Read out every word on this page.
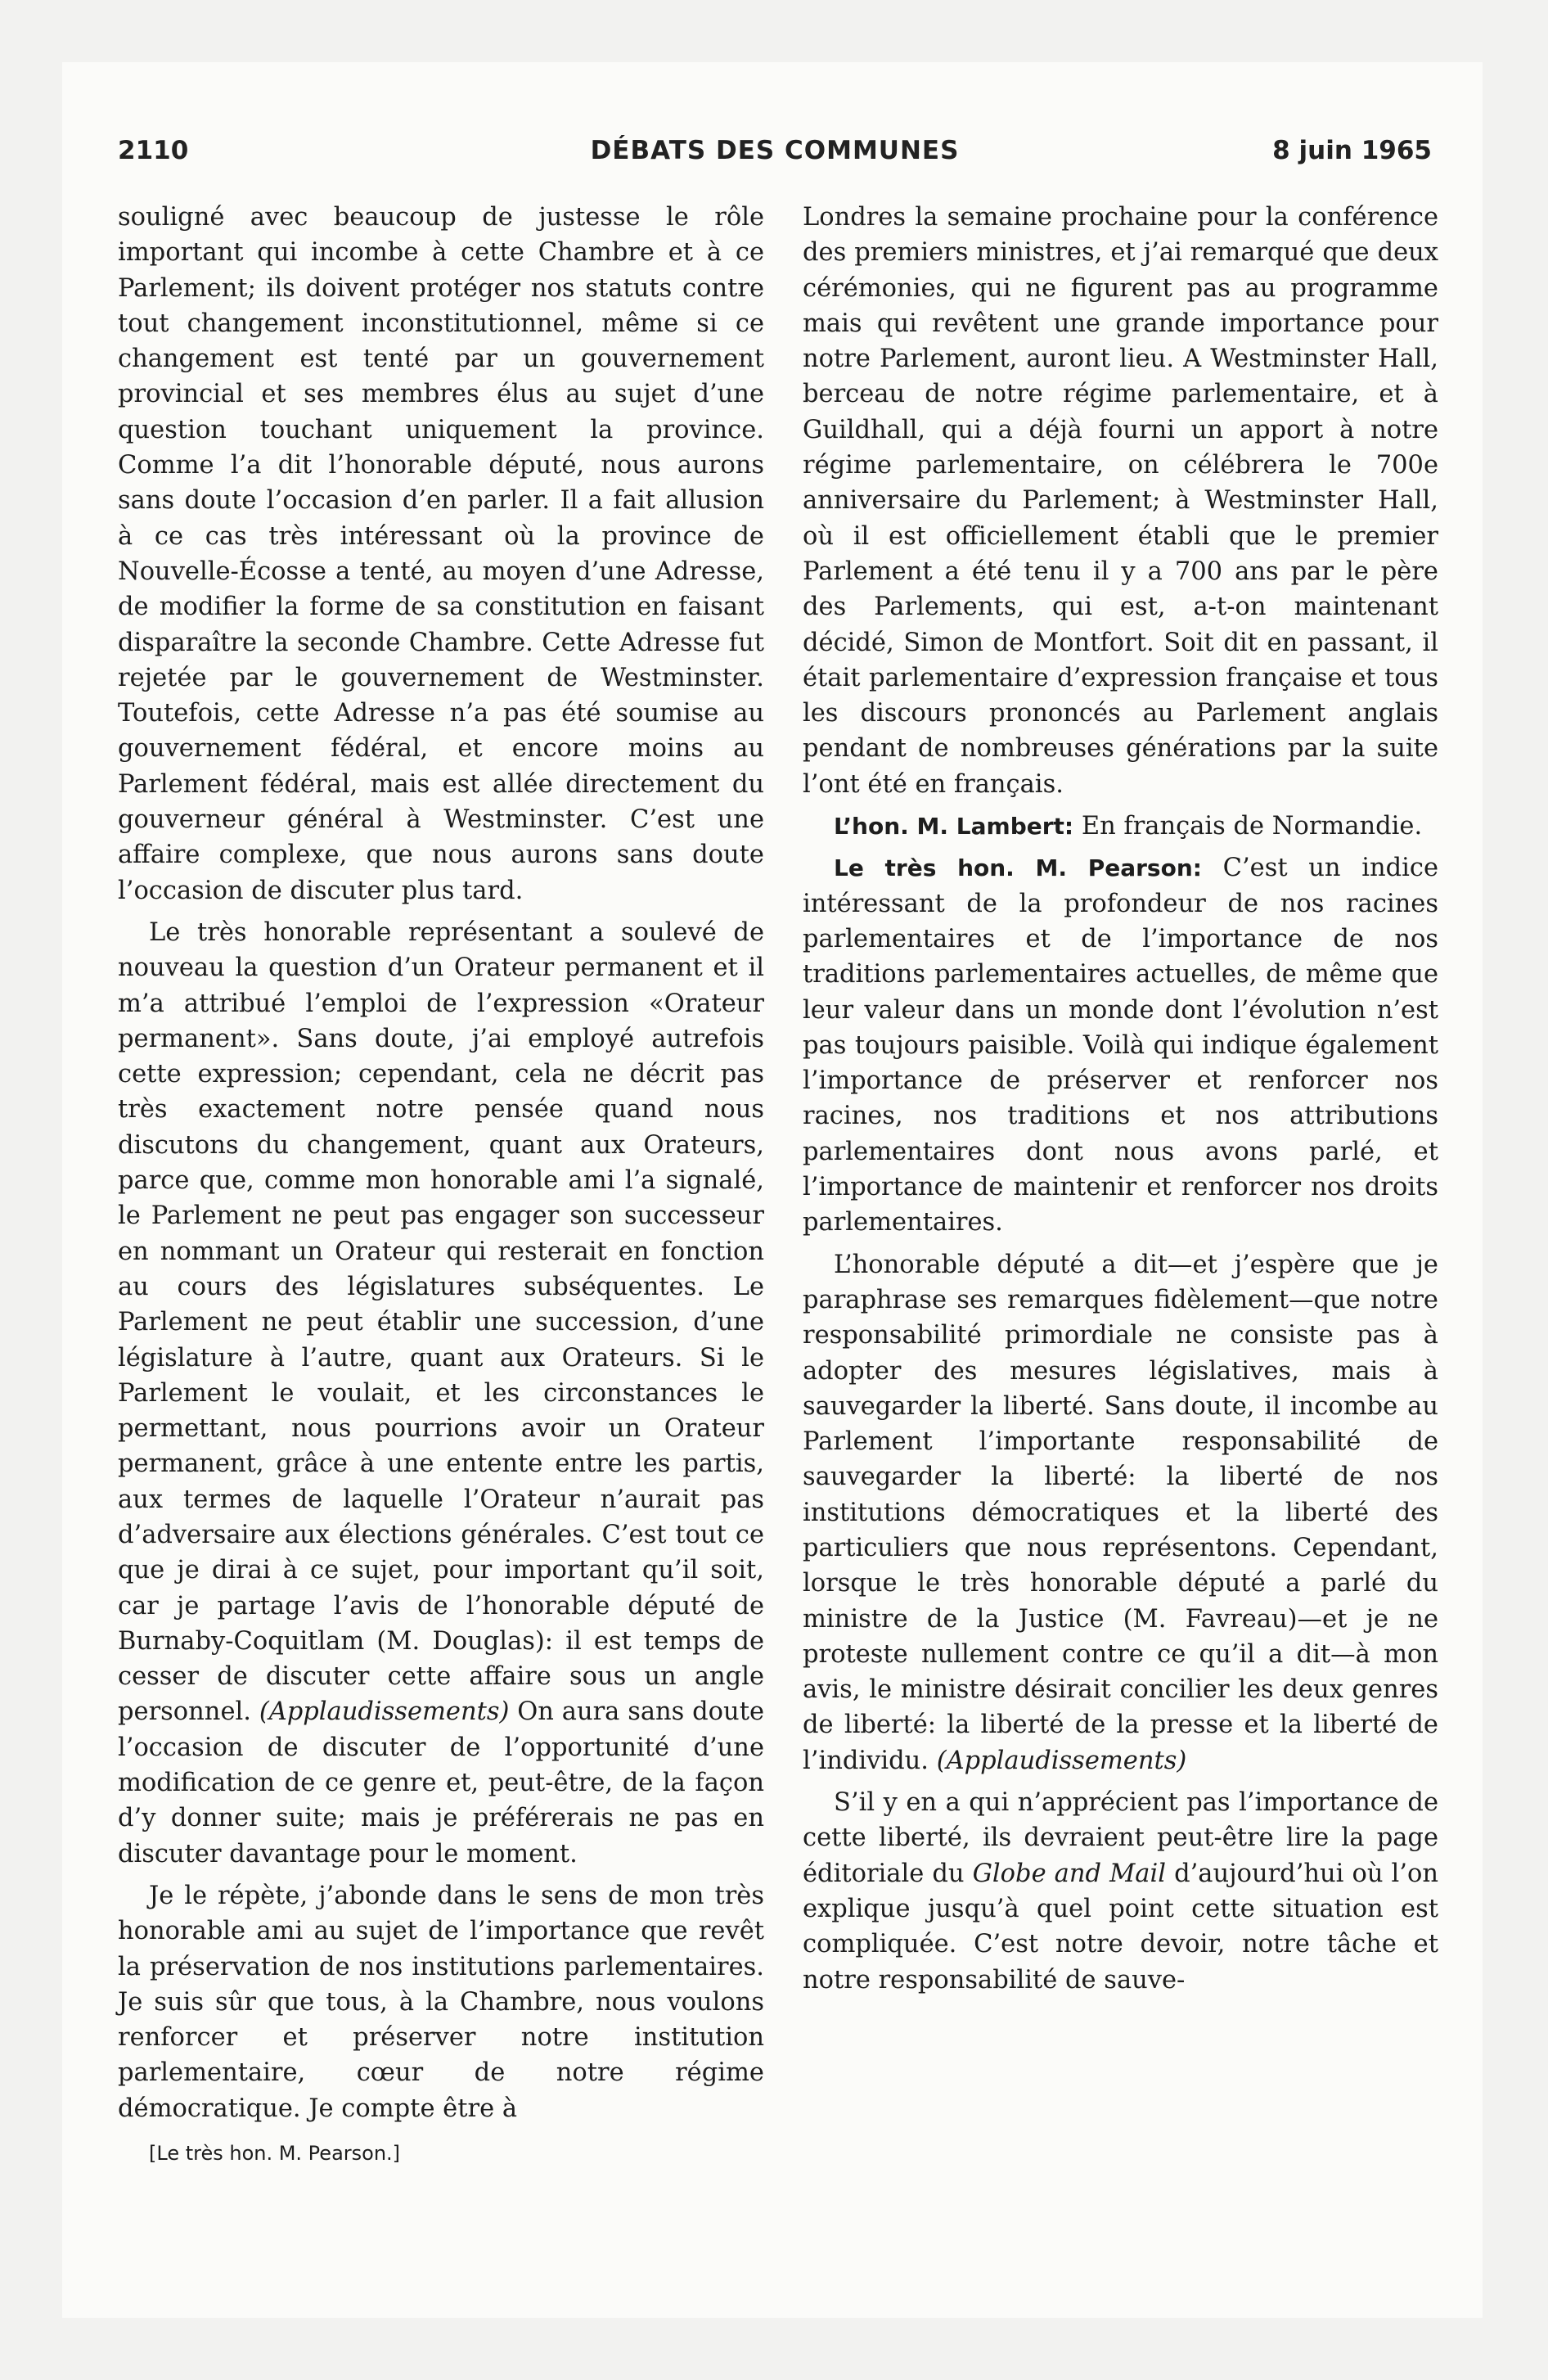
2110	DÉBATS DES COMMUNES	8 juin 1965

souligné avec beaucoup de justesse le rôle important qui incombe à cette Chambre et à ce Parlement; ils doivent protéger nos statuts contre tout changement inconstitutionnel, même si ce changement est tenté par un gouvernement provincial et ses membres élus au sujet d’une question touchant uniquement la province. Comme l’a dit l’honorable député, nous aurons sans doute l’occasion d’en parler. Il a fait allusion à ce cas très intéressant où la province de Nouvelle-Écosse a tenté, au moyen d’une Adresse, de modifier la forme de sa constitution en faisant disparaître la seconde Chambre. Cette Adresse fut rejetée par le gouvernement de Westminster. Toutefois, cette Adresse n’a pas été soumise au gouvernement fédéral, et encore moins au Parlement fédéral, mais est allée directement du gouverneur général à Westminster. C’est une affaire complexe, que nous aurons sans doute l’occasion de discuter plus tard.

Le très honorable représentant a soulevé de nouveau la question d’un Orateur permanent et il m’a attribué l’emploi de l’expression «Orateur permanent». Sans doute, j’ai employé autrefois cette expression; cependant, cela ne décrit pas très exactement notre pensée quand nous discutons du changement, quant aux Orateurs, parce que, comme mon honorable ami l’a signalé, le Parlement ne peut pas engager son successeur en nommant un Orateur qui resterait en fonction au cours des législatures subséquentes. Le Parlement ne peut établir une succession, d’une législature à l’autre, quant aux Orateurs. Si le Parlement le voulait, et les circonstances le permettant, nous pourrions avoir un Orateur permanent, grâce à une entente entre les partis, aux termes de laquelle l’Orateur n’aurait pas d’adversaire aux élections générales. C’est tout ce que je dirai à ce sujet, pour important qu’il soit, car je partage l’avis de l’honorable député de Burnaby-Coquitlam (M. Douglas): il est temps de cesser de discuter cette affaire sous un angle personnel. (Applaudissements) On aura sans doute l’occasion de discuter de l’opportunité d’une modification de ce genre et, peut-être, de la façon d’y donner suite; mais je préférerais ne pas en discuter davantage pour le moment.

Je le répète, j’abonde dans le sens de mon très honorable ami au sujet de l’importance que revêt la préservation de nos institutions parlementaires. Je suis sûr que tous, à la Chambre, nous voulons renforcer et préserver notre institution parlementaire, cœur de notre régime démocratique. Je compte être à

[Le très hon. M. Pearson.]

Londres la semaine prochaine pour la conférence des premiers ministres, et j’ai remarqué que deux cérémonies, qui ne figurent pas au programme mais qui revêtent une grande importance pour notre Parlement, auront lieu. A Westminster Hall, berceau de notre régime parlementaire, et à Guildhall, qui a déjà fourni un apport à notre régime parlementaire, on célébrera le 700e anniversaire du Parlement; à Westminster Hall, où il est officiellement établi que le premier Parlement a été tenu il y a 700 ans par le père des Parlements, qui est, a-t-on maintenant décidé, Simon de Montfort. Soit dit en passant, il était parlementaire d’expression française et tous les discours prononcés au Parlement anglais pendant de nombreuses générations par la suite l’ont été en français.

L’hon. M. Lambert: En français de Normandie.

Le très hon. M. Pearson: C’est un indice intéressant de la profondeur de nos racines parlementaires et de l’importance de nos traditions parlementaires actuelles, de même que leur valeur dans un monde dont l’évolution n’est pas toujours paisible. Voilà qui indique également l’importance de préserver et renforcer nos racines, nos traditions et nos attributions parlementaires dont nous avons parlé, et l’importance de maintenir et renforcer nos droits parlementaires.

L’honorable député a dit—et j’espère que je paraphrase ses remarques fidèlement—que notre responsabilité primordiale ne consiste pas à adopter des mesures législatives, mais à sauvegarder la liberté. Sans doute, il incombe au Parlement l’importante responsabilité de sauvegarder la liberté: la liberté de nos institutions démocratiques et la liberté des particuliers que nous représentons. Cependant, lorsque le très honorable député a parlé du ministre de la Justice (M. Favreau)—et je ne proteste nullement contre ce qu’il a dit—à mon avis, le ministre désirait concilier les deux genres de liberté: la liberté de la presse et la liberté de l’individu. (Applaudissements)

S’il y en a qui n’apprécient pas l’importance de cette liberté, ils devraient peut-être lire la page éditoriale du Globe and Mail d’aujourd’hui où l’on explique jusqu’à quel point cette situation est compliquée. C’est notre devoir, notre tâche et notre responsabilité de sauve-
